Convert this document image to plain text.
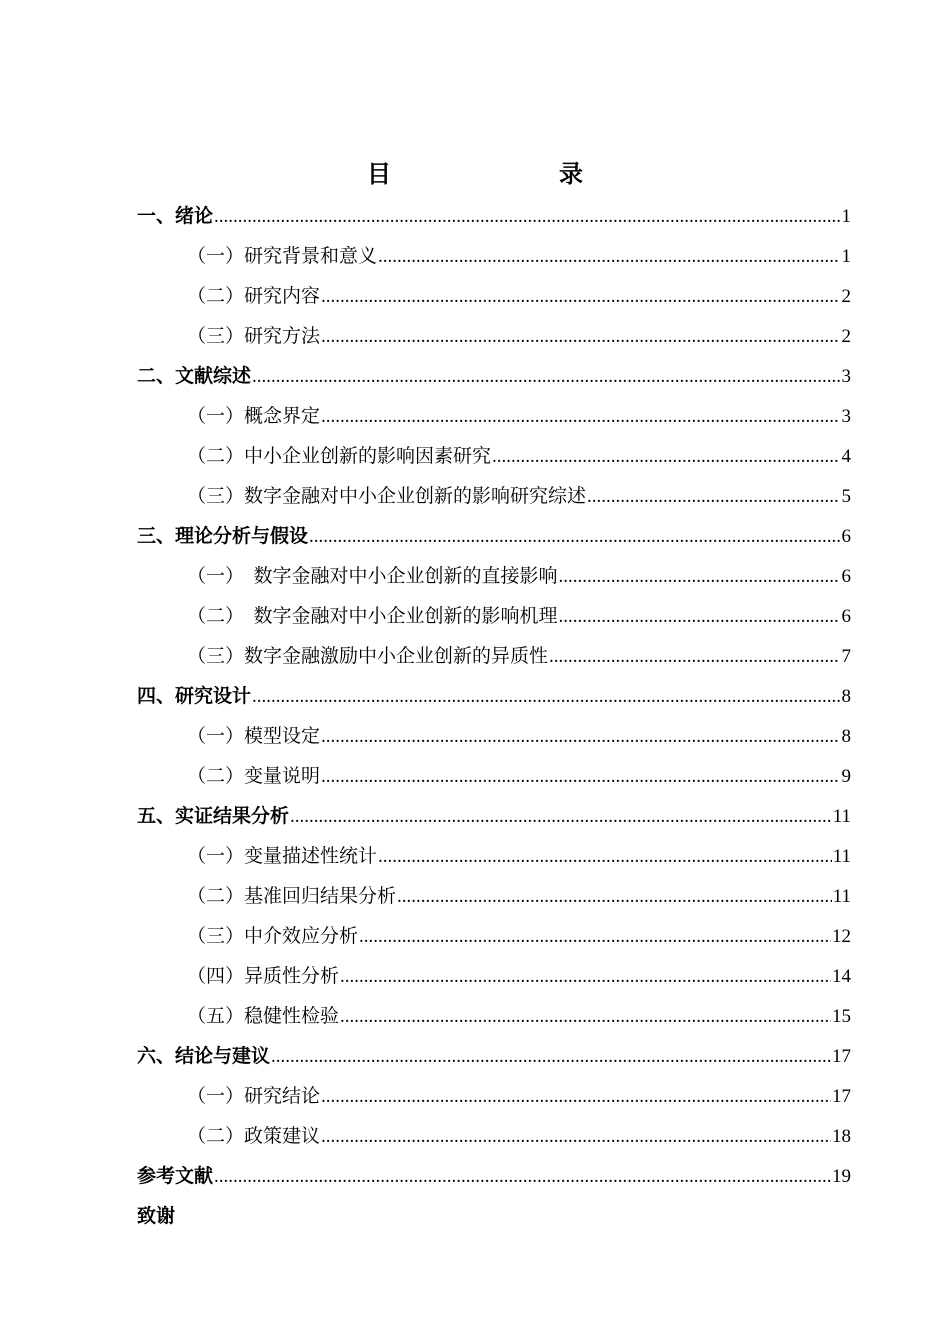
目　　录
一、绪论 .....	1
（一）研究背景和意义 .....	1
（二）研究内容 .....	2
（三）研究方法 .....	2
二、文献综述 .....	3
（一）概念界定 .....	3
（二）中小企业创新的影响因素研究 .....	4
（三）数字金融对中小企业创新的影响研究综述 .....	5
三、理论分析与假设 .....	6
（一）　数字金融对中小企业创新的直接影响 .....	6
（二）　数字金融对中小企业创新的影响机理 .....	6
（三）数字金融激励中小企业创新的异质性 .....	7
四、研究设计 .....	8
（一）模型设定 .....	8
（二）变量说明 .....	9
五、实证结果分析 .....	11
（一）变量描述性统计 .....	11
（二）基准回归结果分析 .....	11
（三）中介效应分析 .....	12
（四）异质性分析 .....	14
（五）稳健性检验 .....	15
六、结论与建议 .....	17
（一）研究结论 .....	17
（二）政策建议 .....	18
参考文献 .....	19
致谢
